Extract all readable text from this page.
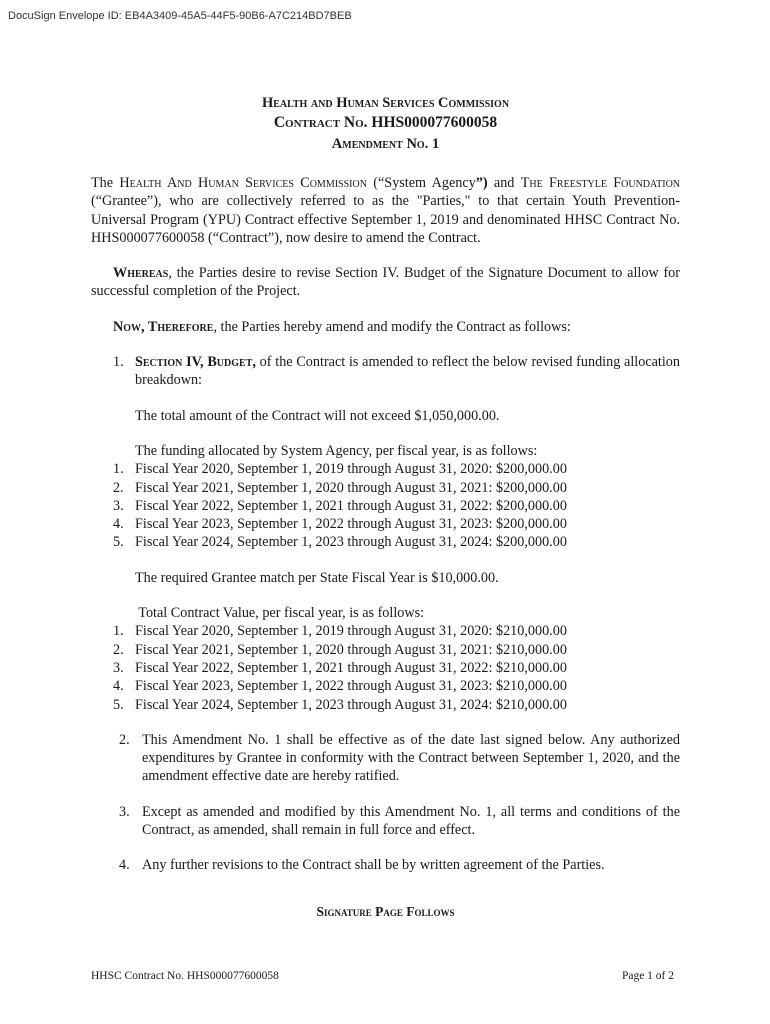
DocuSign Envelope ID: EB4A3409-45A5-44F5-90B6-A7C214BD7BEB
Health and Human Services Commission
Contract No. HHS000077600058
Amendment No. 1

The Health And Human Services Commission (“System Agency”) and The Freestyle Foundation (“Grantee”), who are collectively referred to as the "Parties," to that certain Youth Prevention- Universal Program (YPU) Contract effective September 1, 2019 and denominated HHSC Contract No. HHS000077600058 (“Contract”), now desire to amend the Contract.

Whereas, the Parties desire to revise Section IV. Budget of the Signature Document to allow for successful completion of the Project.

Now, Therefore, the Parties hereby amend and modify the Contract as follows:

1. Section IV, Budget, of the Contract is amended to reflect the below revised funding allocation breakdown:

The total amount of the Contract will not exceed $1,050,000.00.
The funding allocated by System Agency, per fiscal year, is as follows:
1. Fiscal Year 2020, September 1, 2019 through August 31, 2020: $200,000.00
2. Fiscal Year 2021, September 1, 2020 through August 31, 2021: $200,000.00
3. Fiscal Year 2022, September 1, 2021 through August 31, 2022: $200,000.00
4. Fiscal Year 2023, September 1, 2022 through August 31, 2023: $200,000.00
5. Fiscal Year 2024, September 1, 2023 through August 31, 2024: $200,000.00
The required Grantee match per State Fiscal Year is $10,000.00.
Total Contract Value, per fiscal year, is as follows:
1. Fiscal Year 2020, September 1, 2019 through August 31, 2020: $210,000.00
2. Fiscal Year 2021, September 1, 2020 through August 31, 2021: $210,000.00
3. Fiscal Year 2022, September 1, 2021 through August 31, 2022: $210,000.00
4. Fiscal Year 2023, September 1, 2022 through August 31, 2023: $210,000.00
5. Fiscal Year 2024, September 1, 2023 through August 31, 2024: $210,000.00
2. This Amendment No. 1 shall be effective as of the date last signed below. Any authorized expenditures by Grantee in conformity with the Contract between September 1, 2020, and the amendment effective date are hereby ratified.

3. Except as amended and modified by this Amendment No. 1, all terms and conditions of the Contract, as amended, shall remain in full force and effect.

4. Any further revisions to the Contract shall be by written agreement of the Parties.

Signature Page Follows
HHSC Contract No. HHS000077600058	Page 1 of 2
